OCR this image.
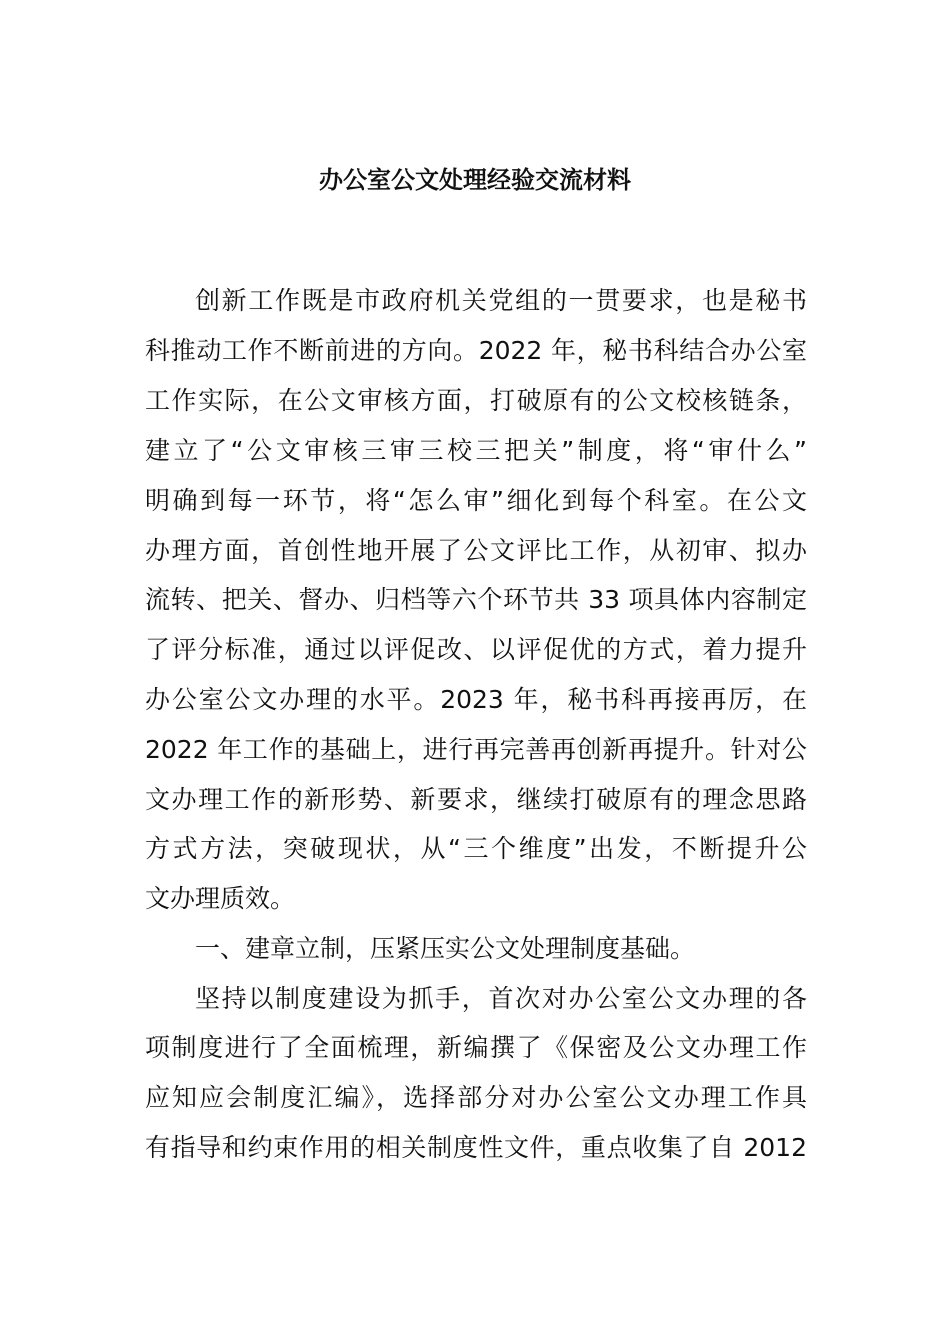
办公室公文处理经验交流材料
创新工作既是市政府机关党组的一贯要求，也是秘书
科推动工作不断前进的方向。2022 年，秘书科结合办公室
工作实际，在公文审核方面，打破原有的公文校核链条，
建立了“公文审核三审三校三把关”制度，将“审什么”
明确到每一环节，将“怎么审”细化到每个科室。在公文
办理方面，首创性地开展了公文评比工作，从初审、拟办
流转、把关、督办、归档等六个环节共 33 项具体内容制定
了评分标准，通过以评促改、以评促优的方式，着力提升
办公室公文办理的水平。2023 年，秘书科再接再厉，在
2022 年工作的基础上，进行再完善再创新再提升。针对公
文办理工作的新形势、新要求，继续打破原有的理念思路
方式方法，突破现状，从“三个维度”出发，不断提升公
文办理质效。
一、建章立制，压紧压实公文处理制度基础。
坚持以制度建设为抓手，首次对办公室公文办理的各
项制度进行了全面梳理，新编撰了《保密及公文办理工作
应知应会制度汇编》，选择部分对办公室公文办理工作具
有指导和约束作用的相关制度性文件，重点收集了自 2012
